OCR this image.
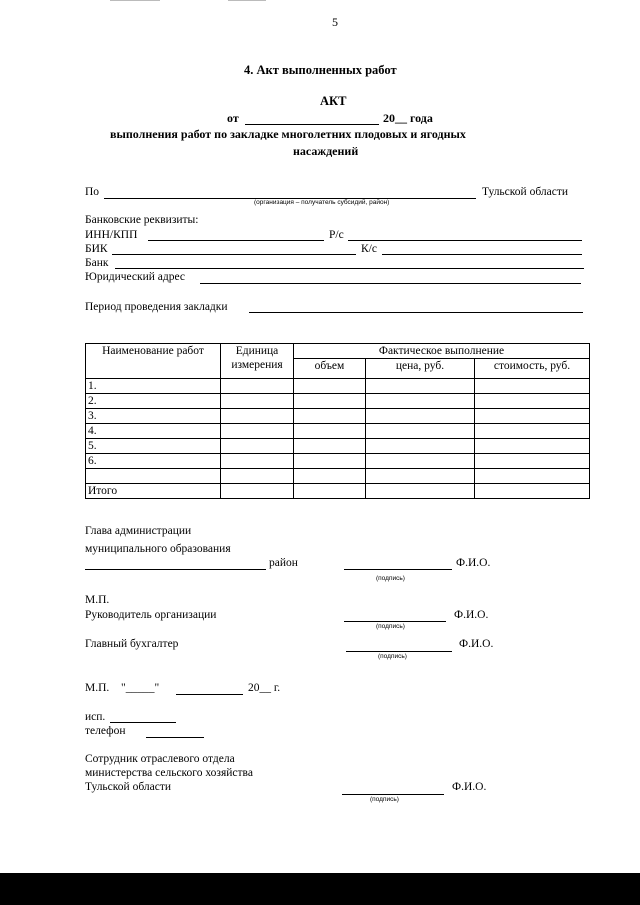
5
4. Акт выполненных работ
АКТ
от	20__ года
выполнения работ по закладке многолетних плодовых и ягодных
насаждений
По	Тульской области
(организация – получатель субсидий, район)
Банковские реквизиты:
ИНН/КПП	Р/с
БИК	К/с
Банк
Юридический адрес
Период проведения закладки
Наименование работ	Единица измерения	Фактическое выполнение		
		объем	цена, руб.	стоимость, руб.
1.				
2.				
3.				
4.				
5.				
6.				

Итого				
Глава администрации
муниципального образования
район	Ф.И.О.
(подпись)
М.П.
Руководитель организации	Ф.И.О.
(подпись)
Главный бухгалтер	Ф.И.О.
(подпись)
М.П. "_____"	20__ г.
исп.
телефон
Сотрудник отраслевого отдела
министерства сельского хозяйства
Тульской области	Ф.И.О.
(подпись)
